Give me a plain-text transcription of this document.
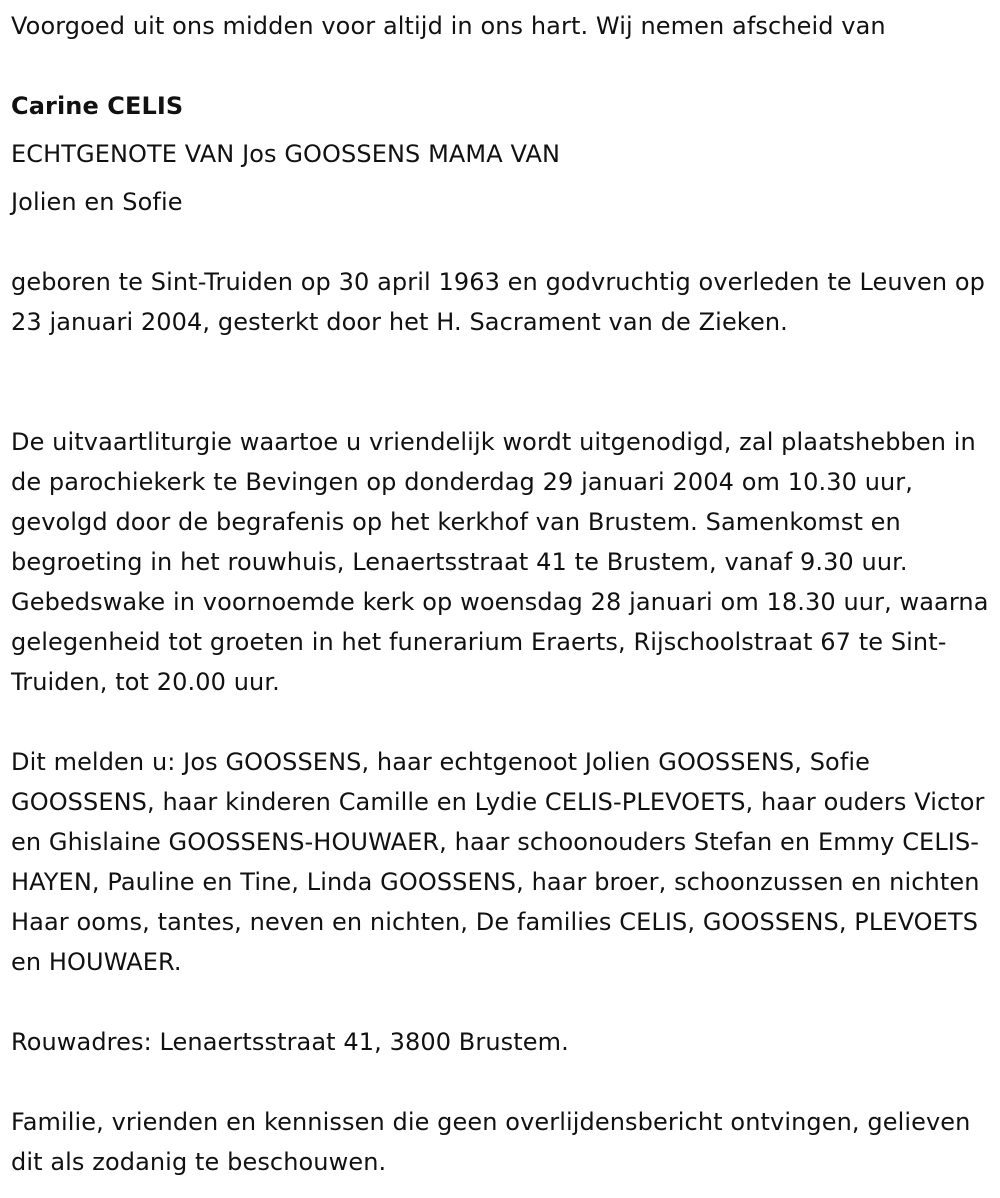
Voorgoed uit ons midden voor altijd in ons hart. Wij nemen afscheid van
Carine CELIS
ECHTGENOTE VAN Jos GOOSSENS MAMA VAN
Jolien en Sofie
geboren te Sint-Truiden op 30 april 1963 en godvruchtig overleden te Leuven op 23 januari 2004, gesterkt door het H. Sacrament van de Zieken.
De uitvaartliturgie waartoe u vriendelijk wordt uitgenodigd, zal plaatshebben in de parochiekerk te Bevingen op donderdag 29 januari 2004 om 10.30 uur, gevolgd door de begrafenis op het kerkhof van Brustem. Samenkomst en begroeting in het rouwhuis, Lenaertsstraat 41 te Brustem, vanaf 9.30 uur. Gebedswake in voornoemde kerk op woensdag 28 januari om 18.30 uur, waarna gelegenheid tot groeten in het funerarium Eraerts, Rijschoolstraat 67 te Sint-Truiden, tot 20.00 uur.
Dit melden u: Jos GOOSSENS, haar echtgenoot Jolien GOOSSENS, Sofie GOOSSENS, haar kinderen Camille en Lydie CELIS-PLEVOETS, haar ouders Victor en Ghislaine GOOSSENS-HOUWAER, haar schoonouders Stefan en Emmy CELIS-HAYEN, Pauline en Tine, Linda GOOSSENS, haar broer, schoonzussen en nichten Haar ooms, tantes, neven en nichten, De families CELIS, GOOSSENS, PLEVOETS en HOUWAER.
Rouwadres: Lenaertsstraat 41, 3800 Brustem.
Familie, vrienden en kennissen die geen overlijdensbericht ontvingen, gelieven dit als zodanig te beschouwen.
